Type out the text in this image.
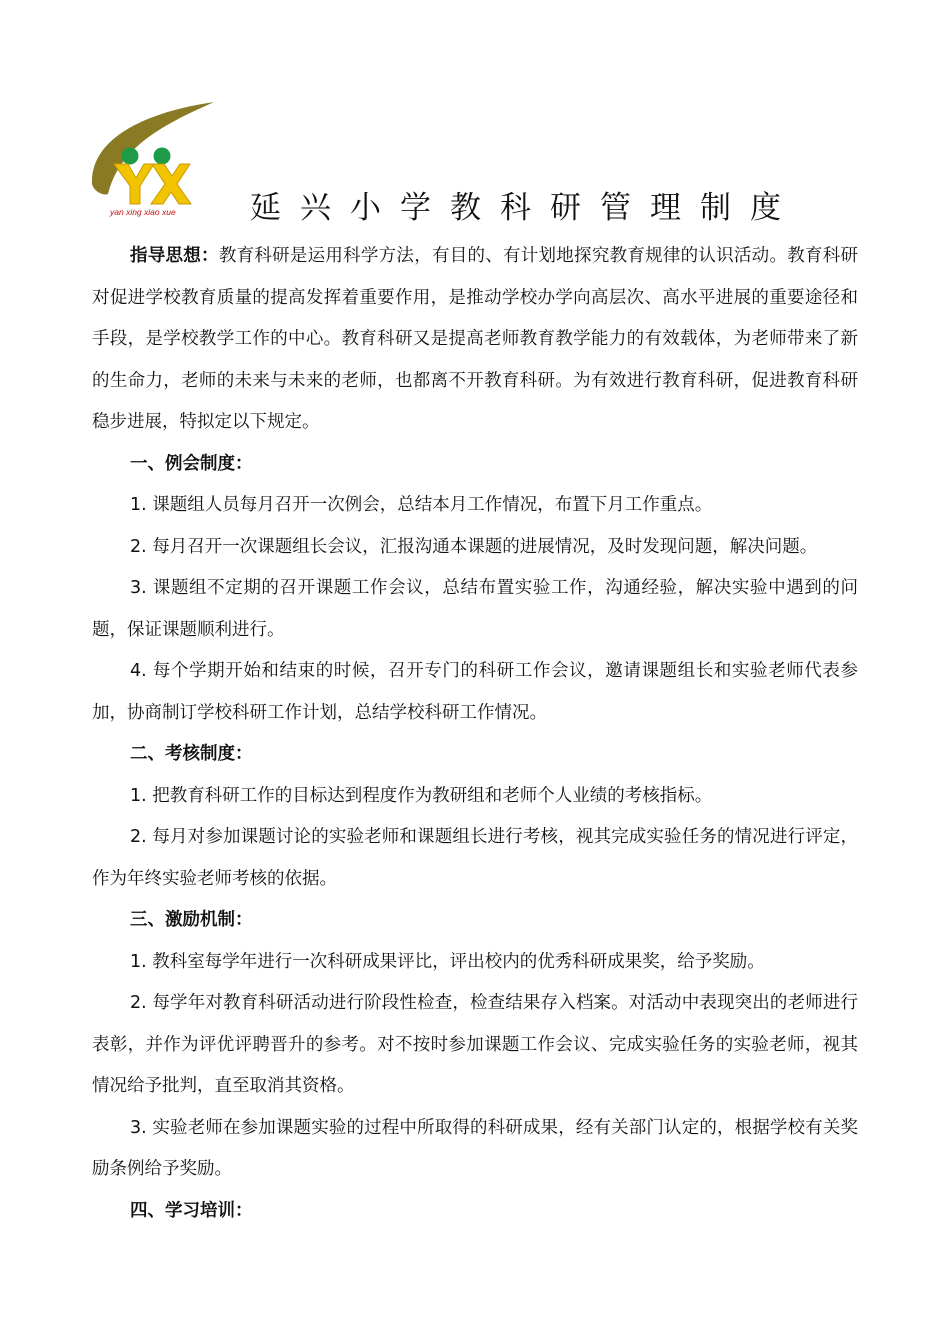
yan xing xiao xue 延兴小学教科研管理制度

指导思想：教育科研是运用科学方法，有目的、有计划地探究教育规律的认识活动。教育科研对促进学校教育质量的提高发挥着重要作用，是推动学校办学向高层次、高水平进展的重要途径和手段，是学校教学工作的中心。教育科研又是提高老师教育教学能力的有效载体，为老师带来了新的生命力，老师的未来与未来的老师，也都离不开教育科研。为有效进行教育科研，促进教育科研稳步进展，特拟定以下规定。

一、例会制度：

1. 课题组人员每月召开一次例会，总结本月工作情况，布置下月工作重点。

2. 每月召开一次课题组长会议，汇报沟通本课题的进展情况，及时发现问题，解决问题。

3. 课题组不定期的召开课题工作会议，总结布置实验工作，沟通经验，解决实验中遇到的问题，保证课题顺利进行。

4. 每个学期开始和结束的时候，召开专门的科研工作会议，邀请课题组长和实验老师代表参加，协商制订学校科研工作计划，总结学校科研工作情况。

二、考核制度：

1. 把教育科研工作的目标达到程度作为教研组和老师个人业绩的考核指标。

2. 每月对参加课题讨论的实验老师和课题组长进行考核，视其完成实验任务的情况进行评定，作为年终实验老师考核的依据。

三、激励机制：

1. 教科室每学年进行一次科研成果评比，评出校内的优秀科研成果奖，给予奖励。

2. 每学年对教育科研活动进行阶段性检查，检查结果存入档案。对活动中表现突出的老师进行表彰，并作为评优评聘晋升的参考。对不按时参加课题工作会议、完成实验任务的实验老师，视其情况给予批判，直至取消其资格。

3. 实验老师在参加课题实验的过程中所取得的科研成果，经有关部门认定的，根据学校有关奖励条例给予奖励。

四、学习培训：
